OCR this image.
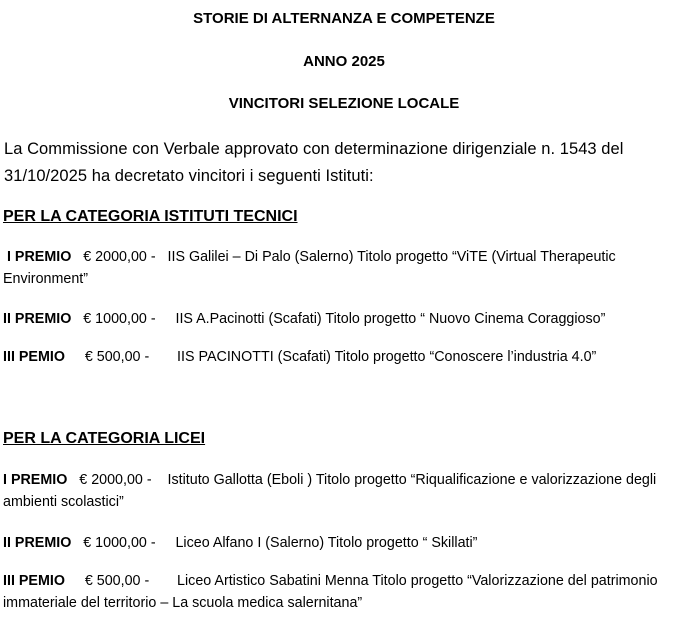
STORIE DI ALTERNANZA E COMPETENZE

ANNO 2025

VINCITORI SELEZIONE LOCALE

La Commissione con Verbale approvato con determinazione dirigenziale n. 1543 del 31/10/2025 ha decretato vincitori i seguenti Istituti:

PER LA CATEGORIA ISTITUTI TECNICI

I PREMIO € 2000,00 - IIS Galilei – Di Palo (Salerno) Titolo progetto “ViTE (Virtual Therapeutic Environment”

II PREMIO € 1000,00 - IIS A.Pacinotti (Scafati) Titolo progetto “ Nuovo Cinema Coraggioso”

III PEMIO € 500,00 - IIS PACINOTTI (Scafati) Titolo progetto “Conoscere l’industria 4.0”

PER LA CATEGORIA LICEI

I PREMIO € 2000,00 - Istituto Gallotta (Eboli ) Titolo progetto “Riqualificazione e valorizzazione degli ambienti scolastici”

II PREMIO € 1000,00 - Liceo Alfano I (Salerno) Titolo progetto “ Skillati”

III PEMIO € 500,00 - Liceo Artistico Sabatini Menna Titolo progetto “Valorizzazione del patrimonio immateriale del territorio – La scuola medica salernitana”
